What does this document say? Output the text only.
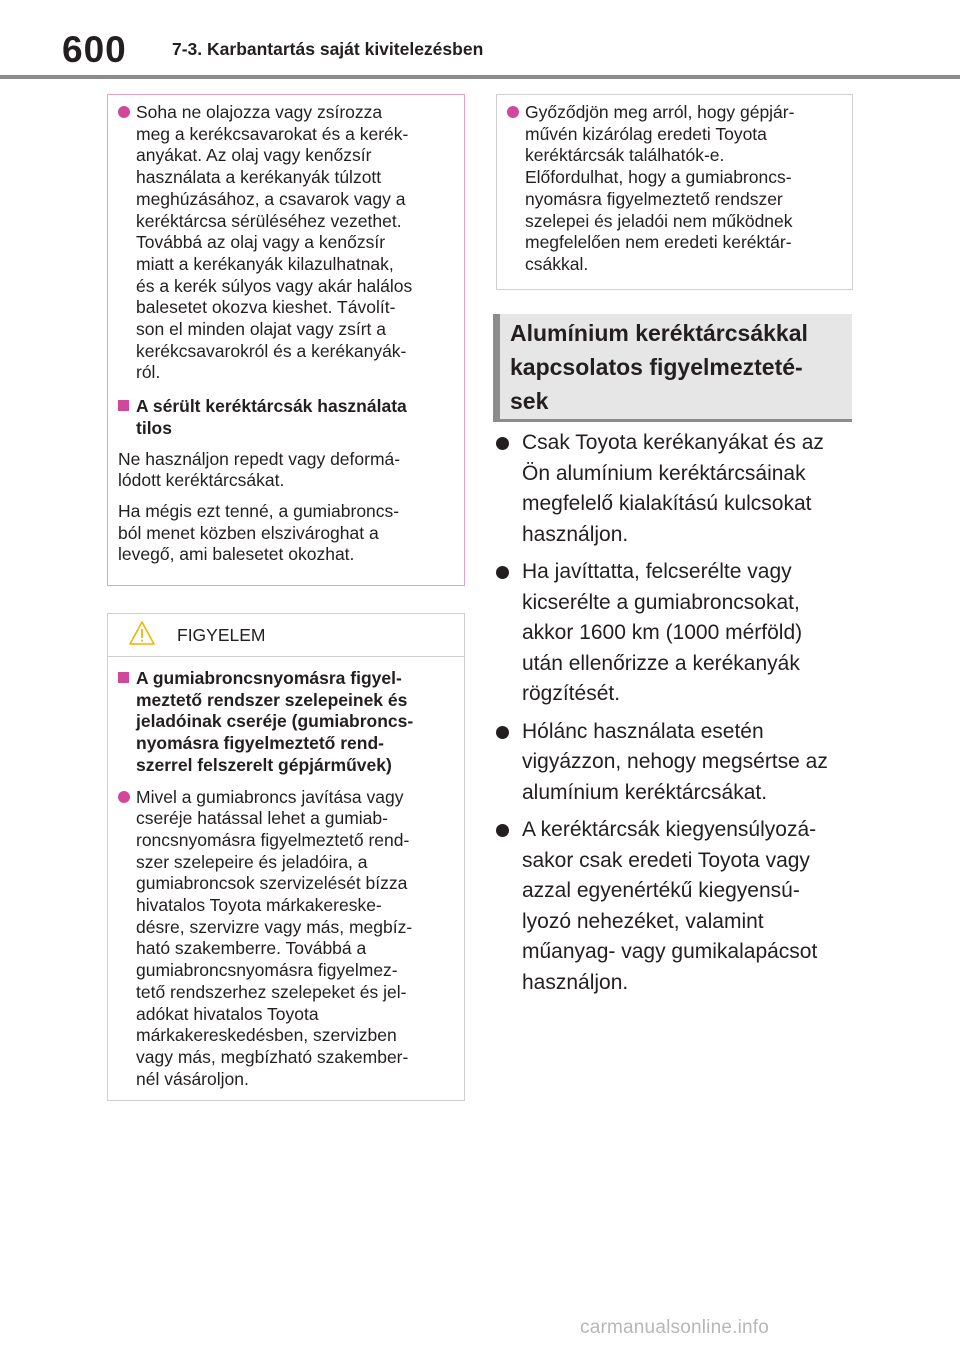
600	7-3. Karbantartás saját kivitelezésben
Soha ne olajozza vagy zsírozza
meg a kerékcsavarokat és a kerék-
anyákat. Az olaj vagy kenőzsír
használata a kerékanyák túlzott
meghúzásához, a csavarok vagy a
keréktárcsa sérüléséhez vezethet.
Továbbá az olaj vagy a kenőzsír
miatt a kerékanyák kilazulhatnak,
és a kerék súlyos vagy akár halálos
balesetet okozva kieshet. Távolít-
son el minden olajat vagy zsírt a
kerékcsavarokról és a kerékanyák-
ról.
A sérült keréktárcsák használata
tilos
Ne használjon repedt vagy deformá-
lódott keréktárcsákat.
Ha mégis ezt tenné, a gumiabroncs-
ból menet közben elszivároghat a
levegő, ami balesetet okozhat.
FIGYELEM
A gumiabroncsnyomásra figyel-
meztető rendszer szelepeinek és
jeladóinak cseréje (gumiabroncs-
nyomásra figyelmeztető rend-
szerrel felszerelt gépjárművek)
Mivel a gumiabroncs javítása vagy
cseréje hatással lehet a gumiab-
roncsnyomásra figyelmeztető rend-
szer szelepeire és jeladóira, a
gumiabroncsok szervizelését bízza
hivatalos Toyota márkakereske-
désre, szervizre vagy más, megbíz-
ható szakemberre. Továbbá a
gumiabroncsnyomásra figyelmez-
tető rendszerhez szelepeket és jel-
adókat hivatalos Toyota
márkakereskedésben, szervizben
vagy más, megbízható szakember-
nél vásároljon.
Győződjön meg arról, hogy gépjár-
művén kizárólag eredeti Toyota
keréktárcsák találhatók-e.
Előfordulhat, hogy a gumiabroncs-
nyomásra figyelmeztető rendszer
szelepei és jeladói nem működnek
megfelelően nem eredeti keréktár-
csákkal.
Alumínium keréktárcsákkal
kapcsolatos figyelmezteté-
sek
Csak Toyota kerékanyákat és az
Ön alumínium keréktárcsáinak
megfelelő kialakítású kulcsokat
használjon.
Ha javíttatta, felcserélte vagy
kicserélte a gumiabroncsokat,
akkor 1600 km (1000 mérföld)
után ellenőrizze a kerékanyák
rögzítését.
Hólánc használata esetén
vigyázzon, nehogy megsértse az
alumínium keréktárcsákat.
A keréktárcsák kiegyensúlyozá-
sakor csak eredeti Toyota vagy
azzal egyenértékű kiegyensú-
lyozó nehezéket, valamint
műanyag- vagy gumikalapácsot
használjon.
carmanualsonline.info
